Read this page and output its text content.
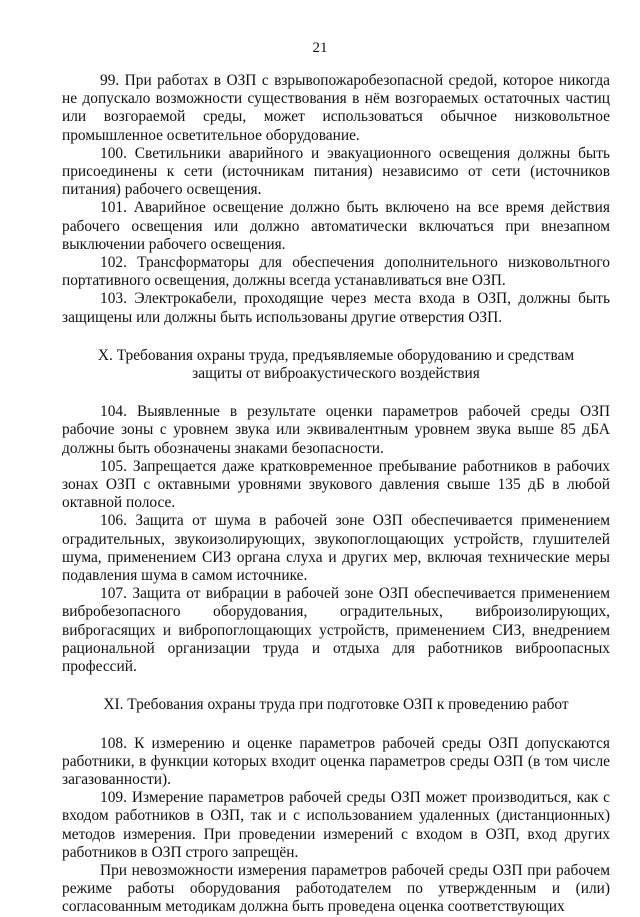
21

99. При работах в ОЗП с взрывопожаробезопасной средой, которое никогда не допускало возможности существования в нём возгораемых остаточных частиц или возгораемой среды, может использоваться обычное низковольтное промышленное осветительное оборудование.

100. Светильники аварийного и эвакуационного освещения должны быть присоединены к сети (источникам питания) независимо от сети (источников питания) рабочего освещения.

101. Аварийное освещение должно быть включено на все время действия рабочего освещения или должно автоматически включаться при внезапном выключении рабочего освещения.

102. Трансформаторы для обеспечения дополнительного низковольтного портативного освещения, должны всегда устанавливаться вне ОЗП.

103. Электрокабели, проходящие через места входа в ОЗП, должны быть защищены или должны быть использованы другие отверстия ОЗП.

X. Требования охраны труда, предъявляемые оборудованию и средствам защиты от виброакустического воздействия

104. Выявленные в результате оценки параметров рабочей среды ОЗП рабочие зоны с уровнем звука или эквивалентным уровнем звука выше 85 дБА должны быть обозначены знаками безопасности.

105. Запрещается даже кратковременное пребывание работников в рабочих зонах ОЗП с октавными уровнями звукового давления свыше 135 дБ в любой октавной полосе.

106. Защита от шума в рабочей зоне ОЗП обеспечивается применением оградительных, звукоизолирующих, звукопоглощающих устройств, глушителей шума, применением СИЗ органа слуха и других мер, включая технические меры подавления шума в самом источнике.

107. Защита от вибрации в рабочей зоне ОЗП обеспечивается применением вибробезопасного оборудования, оградительных, виброизолирующих, виброгасящих и вибропоглощающих устройств, применением СИЗ, внедрением рациональной организации труда и отдыха для работников виброопасных профессий.

XI. Требования охраны труда при подготовке ОЗП к проведению работ

108. К измерению и оценке параметров рабочей среды ОЗП допускаются работники, в функции которых входит оценка параметров среды ОЗП (в том числе загазованности).

109. Измерение параметров рабочей среды ОЗП может производиться, как с входом работников в ОЗП, так и с использованием удаленных (дистанционных) методов измерения. При проведении измерений с входом в ОЗП, вход других работников в ОЗП строго запрещён.

При невозможности измерения параметров рабочей среды ОЗП при рабочем режиме работы оборудования работодателем по утвержденным и (или) согласованным методикам должна быть проведена оценка соответствующих
